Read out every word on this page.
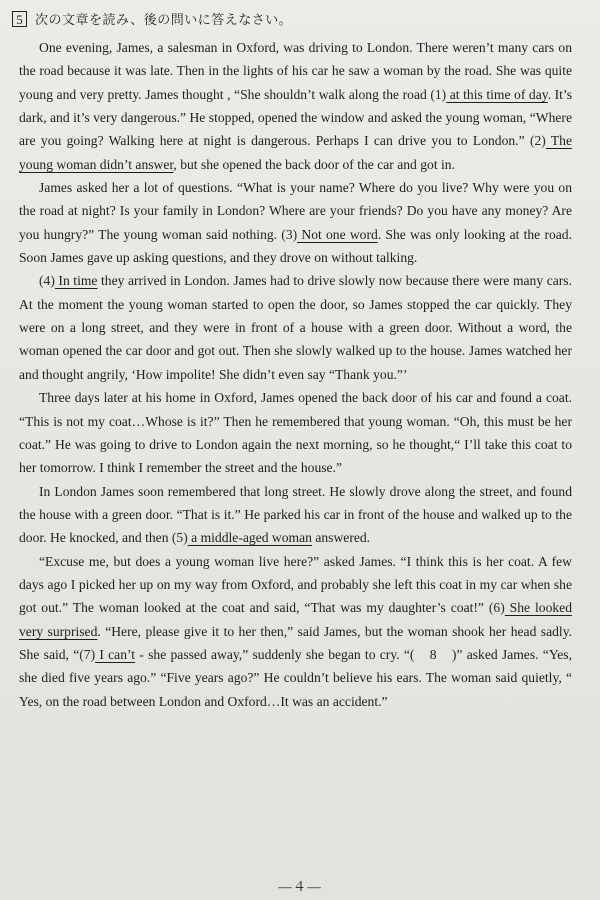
5 次の文章を読み、後の問いに答えなさい。

One evening, James, a salesman in Oxford, was driving to London. There weren’t many cars on the road because it was late. Then in the lights of his car he saw a woman by the road. She was quite young and very pretty. James thought , “She shouldn’t walk along the road (1) at this time of day. It’s dark, and it’s very dangerous.” He stopped, opened the window and asked the young woman, “Where are you going? Walking here at night is dangerous. Perhaps I can drive you to London.” (2) The young woman didn’t answer, but she opened the back door of the car and got in.

James asked her a lot of questions. “What is your name? Where do you live? Why were you on the road at night? Is your family in London? Where are your friends? Do you have any money? Are you hungry?” The young woman said nothing. (3) Not one word. She was only looking at the road. Soon James gave up asking questions, and they drove on without talking.

(4) In time they arrived in London. James had to drive slowly now because there were many cars. At the moment the young woman started to open the door, so James stopped the car quickly. They were on a long street, and they were in front of a house with a green door. Without a word, the woman opened the car door and got out. Then she slowly walked up to the house. James watched her and thought angrily, ‘How impolite! She didn’t even say “Thank you.”’

Three days later at his home in Oxford, James opened the back door of his car and found a coat. “This is not my coat…Whose is it?” Then he remembered that young woman. “Oh, this must be her coat.” He was going to drive to London again the next morning, so he thought,“ I’ll take this coat to her tomorrow. I think I remember the street and the house.”

In London James soon remembered that long street. He slowly drove along the street, and found the house with a green door. “That is it.” He parked his car in front of the house and walked up to the door. He knocked, and then (5) a middle-aged woman answered.

“Excuse me, but does a young woman live here?” asked James. “I think this is her coat. A few days ago I picked her up on my way from Oxford, and probably she left this coat in my car when she got out.” The woman looked at the coat and said, “That was my daughter’s coat!” (6) She looked very surprised. “Here, please give it to her then,” said James, but the woman shook her head sadly. She said, “(7) I can’t - she passed away,” suddenly she began to cry. “(　8　)” asked James. “Yes, she died five years ago.” “Five years ago?” He couldn’t believe his ears. The woman said quietly, “ Yes, on the road between London and Oxford…It was an accident.”

—４—
